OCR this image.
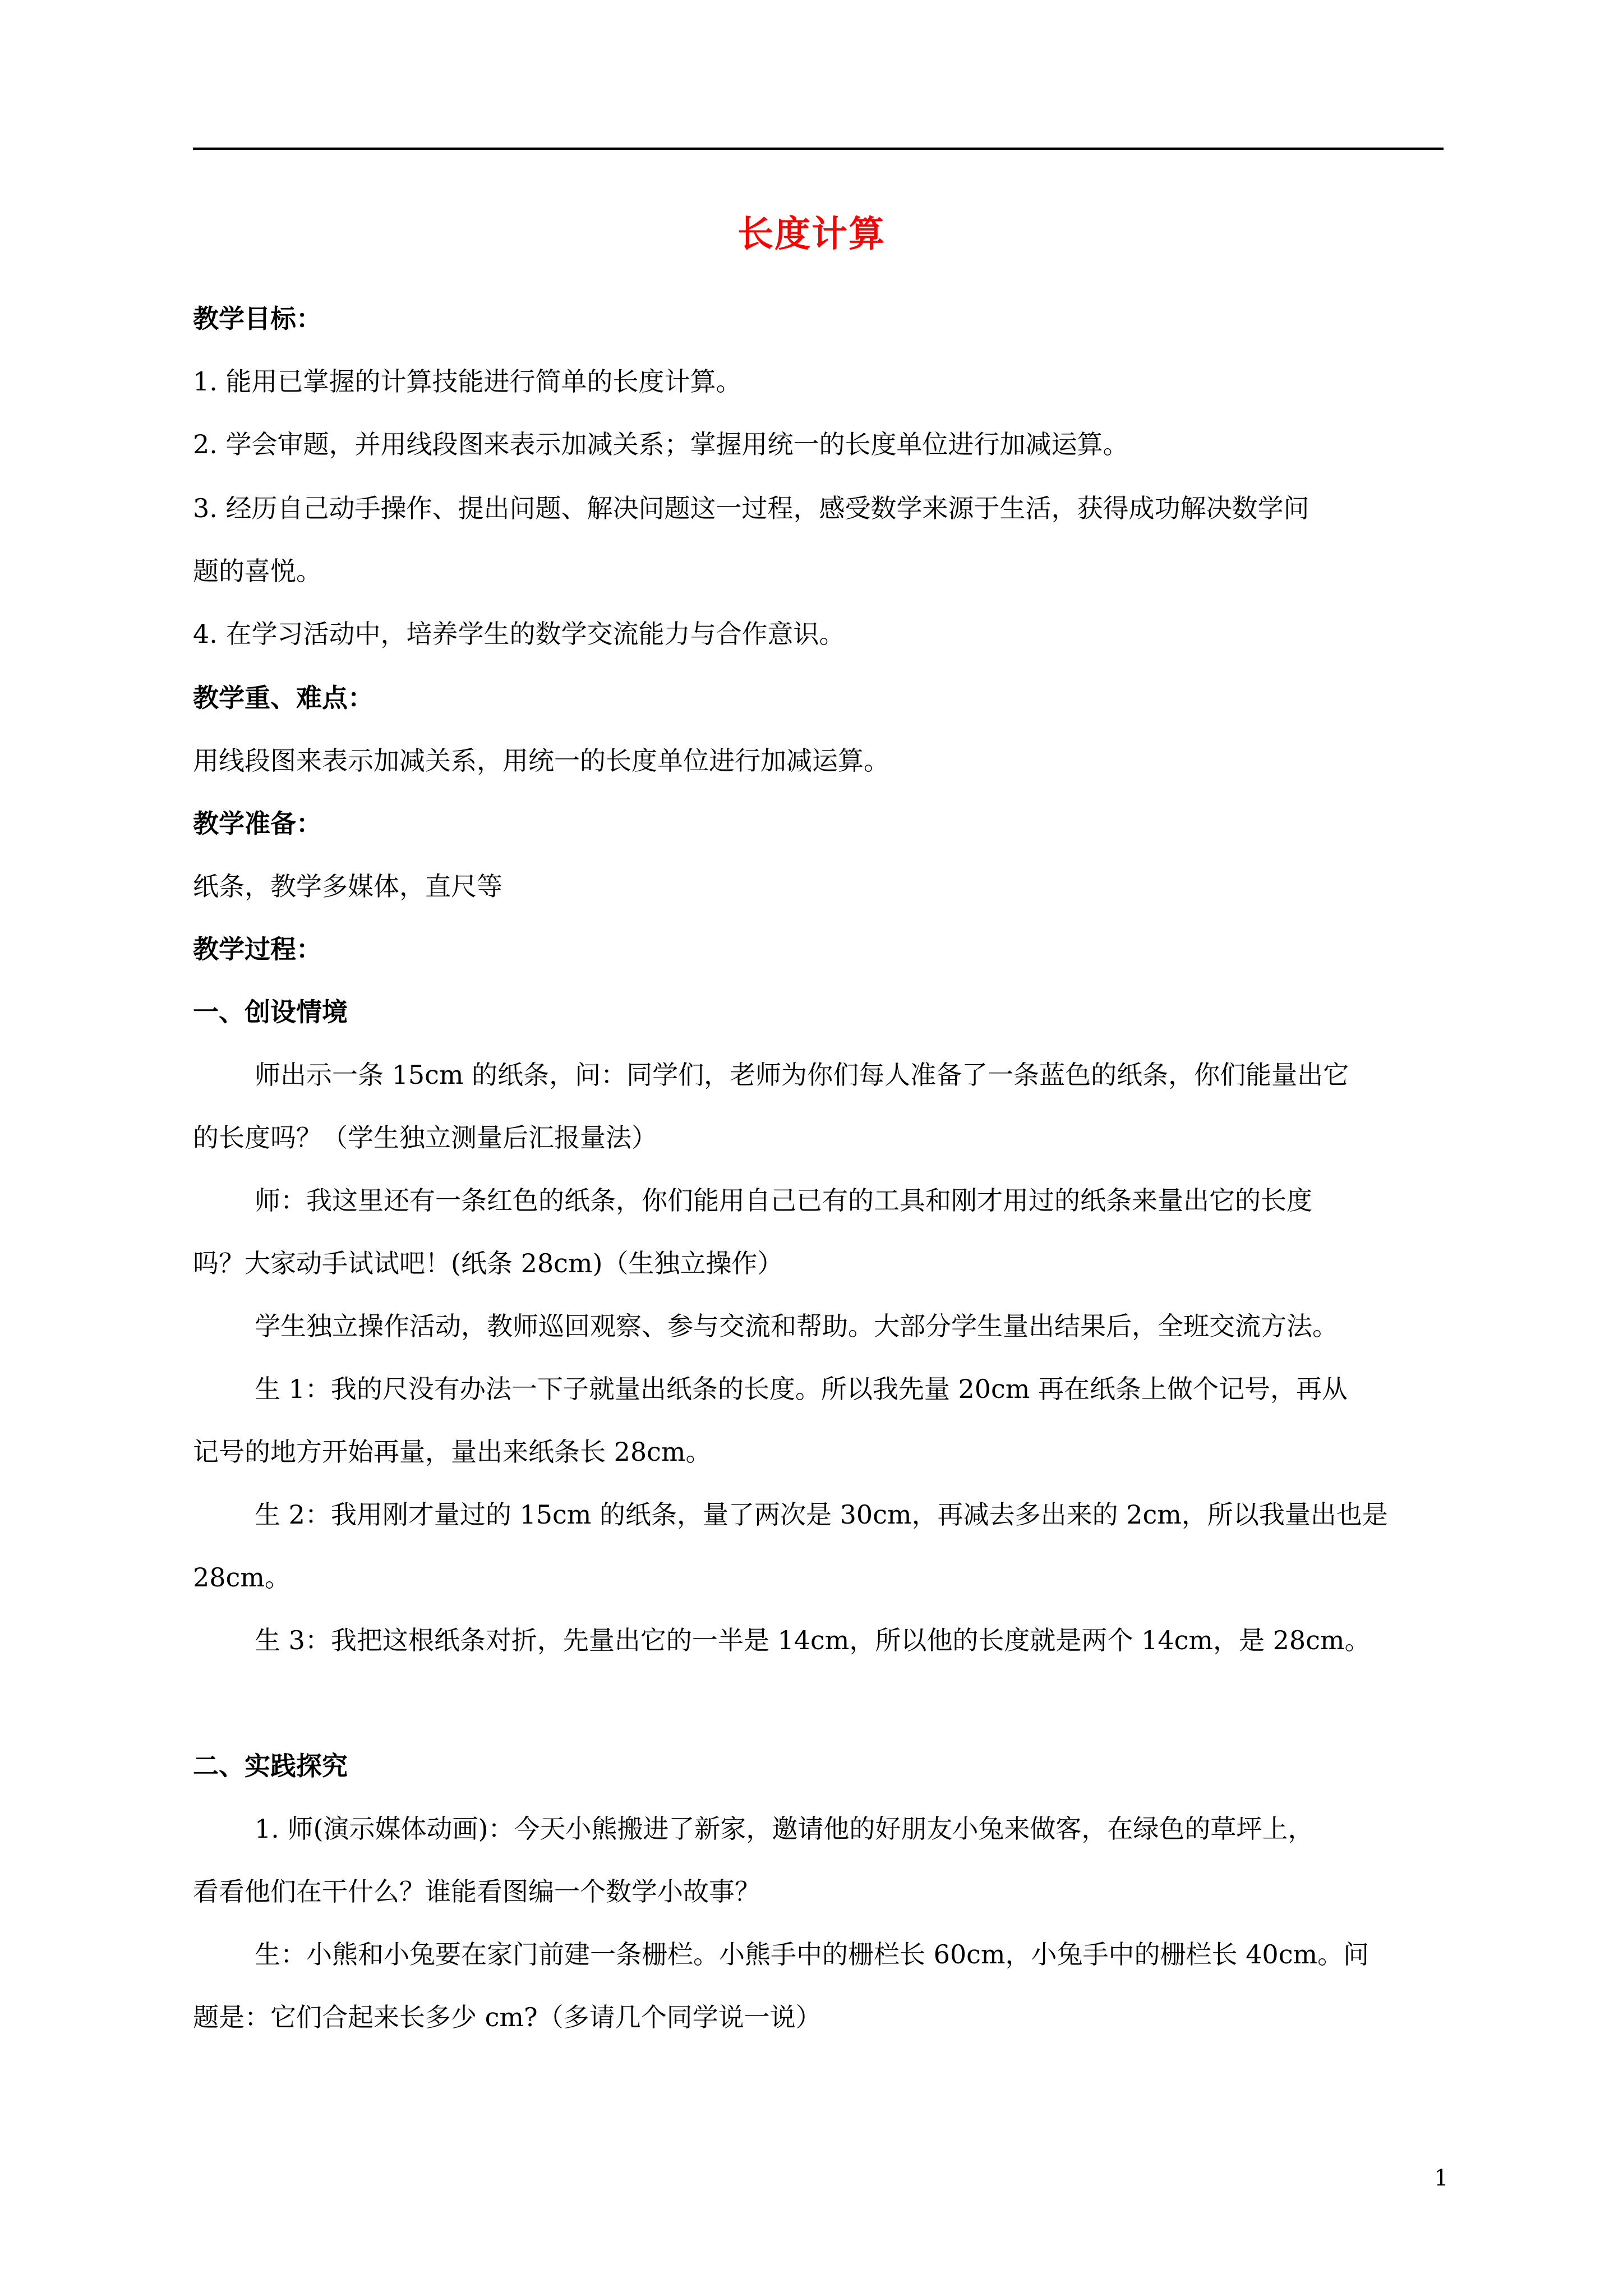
长度计算
教学目标：
1. 能用已掌握的计算技能进行简单的长度计算。
2. 学会审题，并用线段图来表示加减关系；掌握用统一的长度单位进行加减运算。
3. 经历自己动手操作、提出问题、解决问题这一过程，感受数学来源于生活，获得成功解决数学问
题的喜悦。
4. 在学习活动中，培养学生的数学交流能力与合作意识。
教学重、难点：
用线段图来表示加减关系，用统一的长度单位进行加减运算。
教学准备：
纸条，教学多媒体，直尺等
教学过程：
一、创设情境
师出示一条 15cm 的纸条，问：同学们，老师为你们每人准备了一条蓝色的纸条，你们能量出它
的长度吗？（学生独立测量后汇报量法）
师：我这里还有一条红色的纸条，你们能用自己已有的工具和刚才用过的纸条来量出它的长度
吗？大家动手试试吧！(纸条 28cm)（生独立操作）
学生独立操作活动，教师巡回观察、参与交流和帮助。大部分学生量出结果后，全班交流方法。
生 1：我的尺没有办法一下子就量出纸条的长度。所以我先量 20cm 再在纸条上做个记号，再从
记号的地方开始再量，量出来纸条长 28cm。
生 2：我用刚才量过的 15cm 的纸条，量了两次是 30cm，再减去多出来的 2cm，所以我量出也是
28cm。
生 3：我把这根纸条对折，先量出它的一半是 14cm，所以他的长度就是两个 14cm，是 28cm。
二、实践探究
1. 师(演示媒体动画)：今天小熊搬进了新家，邀请他的好朋友小兔来做客，在绿色的草坪上，
看看他们在干什么？谁能看图编一个数学小故事？
生：小熊和小兔要在家门前建一条栅栏。小熊手中的栅栏长 60cm，小兔手中的栅栏长 40cm。问
题是：它们合起来长多少 cm?（多请几个同学说一说）
1
